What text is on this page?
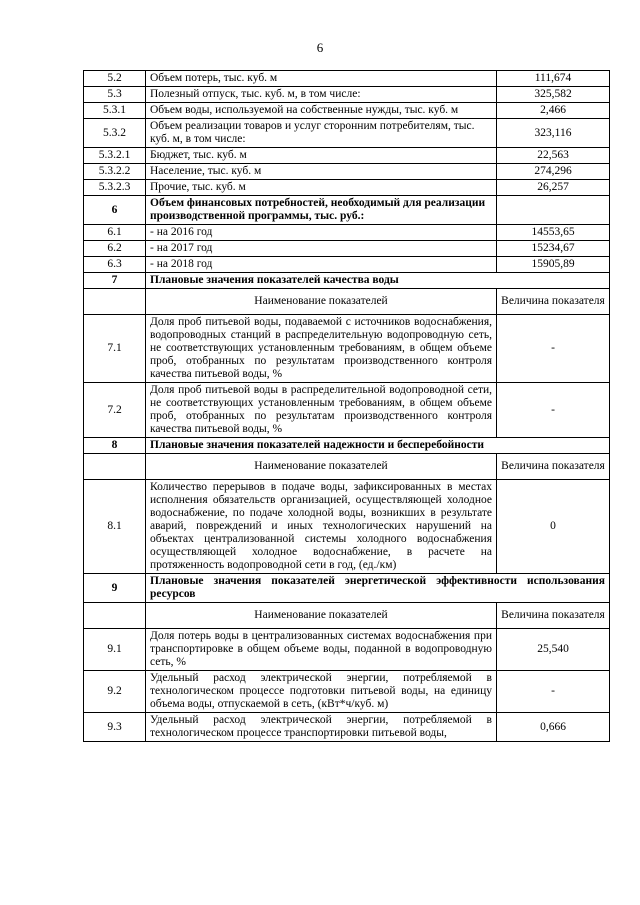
6
5.2	Объем потерь, тыс. куб. м	111,674
5.3	Полезный отпуск, тыс. куб. м, в том числе:	325,582
5.3.1	Объем воды, используемой на собственные нужды, тыс. куб. м	2,466
5.3.2	Объем реализации товаров и услуг сторонним потребителям, тыс. куб. м, в том числе:	323,116
5.3.2.1	Бюджет, тыс. куб. м	22,563
5.3.2.2	Население, тыс. куб. м	274,296
5.3.2.3	Прочие, тыс. куб. м	26,257
6	Объем финансовых потребностей, необходимый для реализации производственной программы, тыс. руб.:	
6.1	- на 2016 год	14553,65
6.2	- на 2017 год	15234,67
6.3	- на 2018 год	15905,89
7	Плановые значения показателей качества воды	
	Наименование показателей	Величина показателя
7.1	Доля проб питьевой воды, подаваемой с источников водоснабжения, водопроводных станций в распределительную водопроводную сеть, не соответствующих установленным требованиям, в общем объеме проб, отобранных по результатам производственного контроля качества питьевой воды, %	-
7.2	Доля проб питьевой воды в распределительной водопроводной сети, не соответствующих установленным требованиям, в общем объеме проб, отобранных по результатам производственного контроля качества питьевой воды, %	-
8	Плановые значения показателей надежности и бесперебойности	
	Наименование показателей	Величина показателя
8.1	Количество перерывов в подаче воды, зафиксированных в местах исполнения обязательств организацией, осуществляющей холодное водоснабжение, по подаче холодной воды, возникших в результате аварий, повреждений и иных технологических нарушений на объектах централизованной системы холодного водоснабжения осуществляющей холодное водоснабжение, в расчете на протяженность водопроводной сети в год, (ед./км)	0
9	Плановые значения показателей энергетической эффективности использования ресурсов	
	Наименование показателей	Величина показателя
9.1	Доля потерь воды в централизованных системах водоснабжения при транспортировке в общем объеме воды, поданной в водопроводную сеть, %	25,540
9.2	Удельный расход электрической энергии, потребляемой в технологическом процессе подготовки питьевой воды, на единицу объема воды, отпускаемой в сеть, (кВт*ч/куб. м)	-
9.3	Удельный расход электрической энергии, потребляемой в технологическом процессе транспортировки питьевой воды,	0,666
